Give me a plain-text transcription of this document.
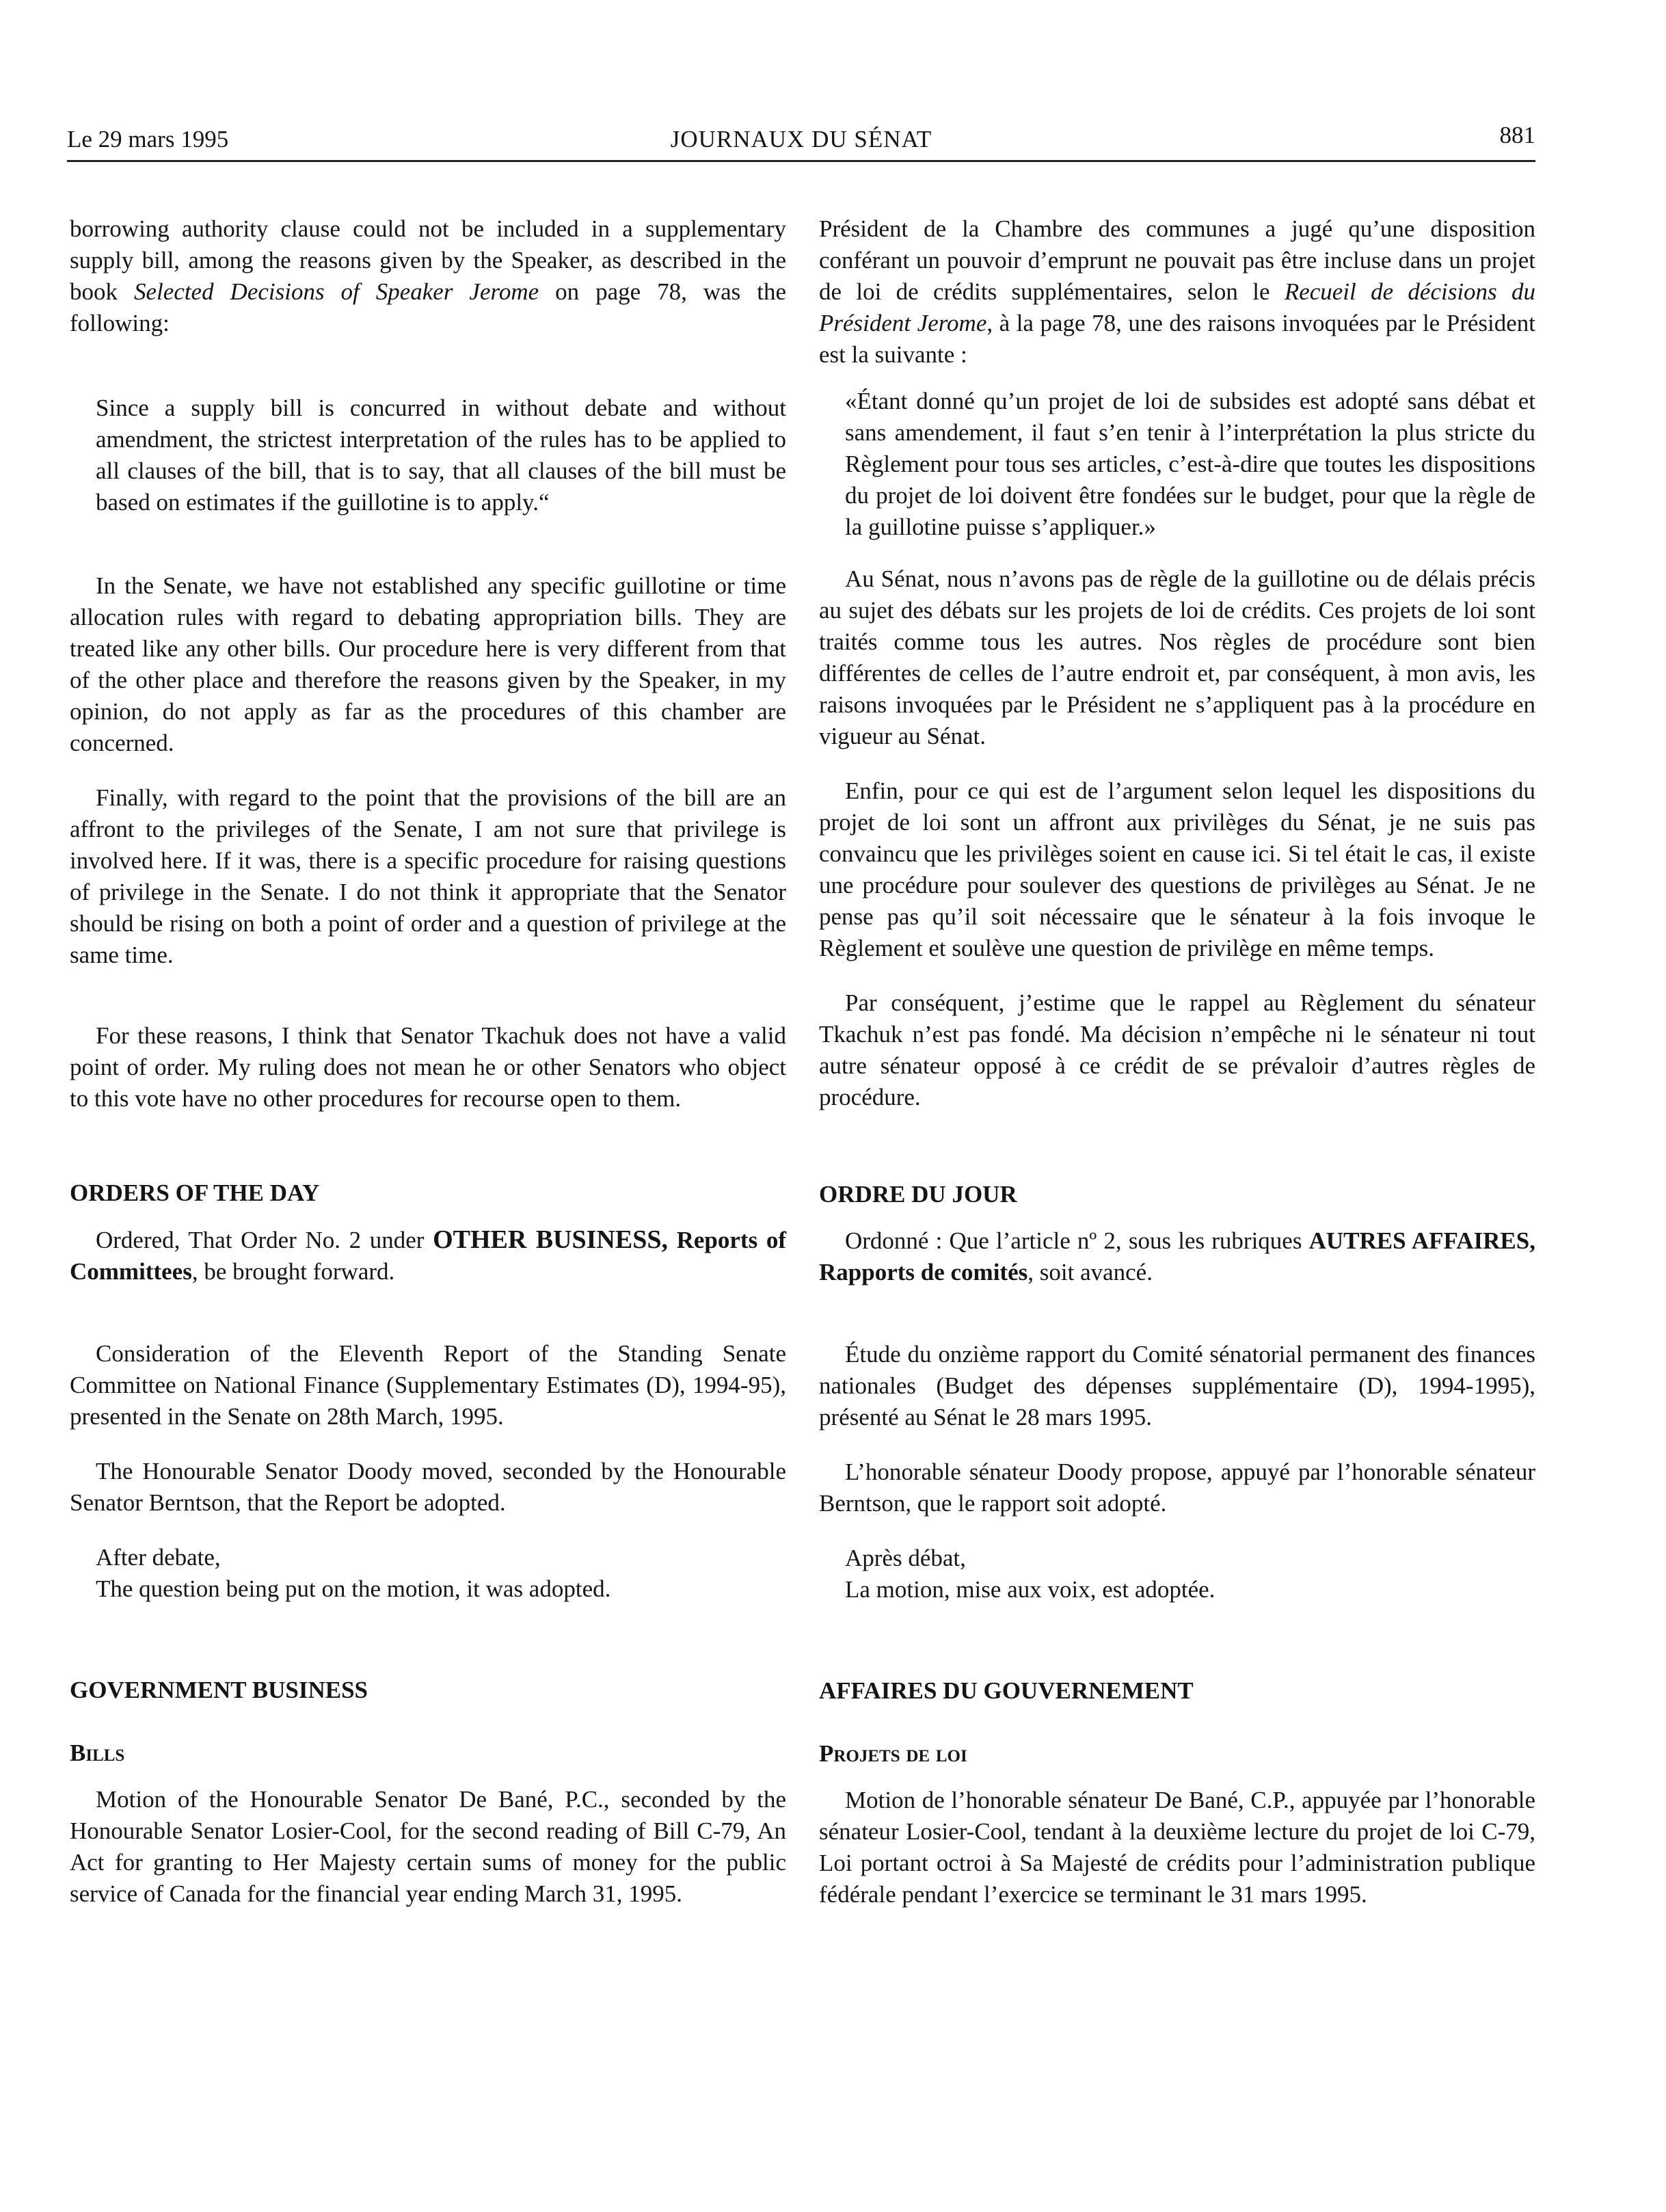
Le 29 mars 1995	JOURNAUX DU SÉNAT	881

borrowing authority clause could not be included in a supplementary supply bill, among the reasons given by the Speaker, as described in the book Selected Decisions of Speaker Jerome on page 78, was the following:

Since a supply bill is concurred in without debate and without amendment, the strictest interpretation of the rules has to be applied to all clauses of the bill, that is to say, that all clauses of the bill must be based on estimates if the guillotine is to apply.“

In the Senate, we have not established any specific guillotine or time allocation rules with regard to debating appropriation bills. They are treated like any other bills. Our procedure here is very different from that of the other place and therefore the reasons given by the Speaker, in my opinion, do not apply as far as the procedures of this chamber are concerned.

Finally, with regard to the point that the provisions of the bill are an affront to the privileges of the Senate, I am not sure that privilege is involved here. If it was, there is a specific procedure for raising questions of privilege in the Senate. I do not think it appropriate that the Senator should be rising on both a point of order and a question of privilege at the same time.

For these reasons, I think that Senator Tkachuk does not have a valid point of order. My ruling does not mean he or other Senators who object to this vote have no other procedures for recourse open to them.

ORDERS OF THE DAY

Ordered, That Order No. 2 under OTHER BUSINESS, Reports of Committees, be brought forward.

Consideration of the Eleventh Report of the Standing Senate Committee on National Finance (Supplementary Estimates (D), 1994-95), presented in the Senate on 28th March, 1995.

The Honourable Senator Doody moved, seconded by the Honourable Senator Berntson, that the Report be adopted.

After debate,

The question being put on the motion, it was adopted.

GOVERNMENT BUSINESS

Bills

Motion of the Honourable Senator De Bané, P.C., seconded by the Honourable Senator Losier-Cool, for the second reading of Bill C-79, An Act for granting to Her Majesty certain sums of money for the public service of Canada for the financial year ending March 31, 1995.

Président de la Chambre des communes a jugé qu’une disposition conférant un pouvoir d’emprunt ne pouvait pas être incluse dans un projet de loi de crédits supplémentaires, selon le Recueil de décisions du Président Jerome, à la page 78, une des raisons invoquées par le Président est la suivante :

«Étant donné qu’un projet de loi de subsides est adopté sans débat et sans amendement, il faut s’en tenir à l’interprétation la plus stricte du Règlement pour tous ses articles, c’est-à-dire que toutes les dispositions du projet de loi doivent être fondées sur le budget, pour que la règle de la guillotine puisse s’appliquer.»

Au Sénat, nous n’avons pas de règle de la guillotine ou de délais précis au sujet des débats sur les projets de loi de crédits. Ces projets de loi sont traités comme tous les autres. Nos règles de procédure sont bien différentes de celles de l’autre endroit et, par conséquent, à mon avis, les raisons invoquées par le Président ne s’appliquent pas à la procédure en vigueur au Sénat.

Enfin, pour ce qui est de l’argument selon lequel les dispositions du projet de loi sont un affront aux privilèges du Sénat, je ne suis pas convaincu que les privilèges soient en cause ici. Si tel était le cas, il existe une procédure pour soulever des questions de privilèges au Sénat. Je ne pense pas qu’il soit nécessaire que le sénateur à la fois invoque le Règlement et soulève une question de privilège en même temps.

Par conséquent, j’estime que le rappel au Règlement du sénateur Tkachuk n’est pas fondé. Ma décision n’empêche ni le sénateur ni tout autre sénateur opposé à ce crédit de se prévaloir d’autres règles de procédure.

ORDRE DU JOUR

Ordonné : Que l’article nº 2, sous les rubriques AUTRES AFFAIRES, Rapports de comités, soit avancé.

Étude du onzième rapport du Comité sénatorial permanent des finances nationales (Budget des dépenses supplémentaire (D), 1994-1995), présenté au Sénat le 28 mars 1995.

L’honorable sénateur Doody propose, appuyé par l’honorable sénateur Berntson, que le rapport soit adopté.

Après débat,

La motion, mise aux voix, est adoptée.

AFFAIRES DU GOUVERNEMENT

Projets de loi

Motion de l’honorable sénateur De Bané, C.P., appuyée par l’honorable sénateur Losier-Cool, tendant à la deuxième lecture du projet de loi C-79, Loi portant octroi à Sa Majesté de crédits pour l’administration publique fédérale pendant l’exercice se terminant le 31 mars 1995.
